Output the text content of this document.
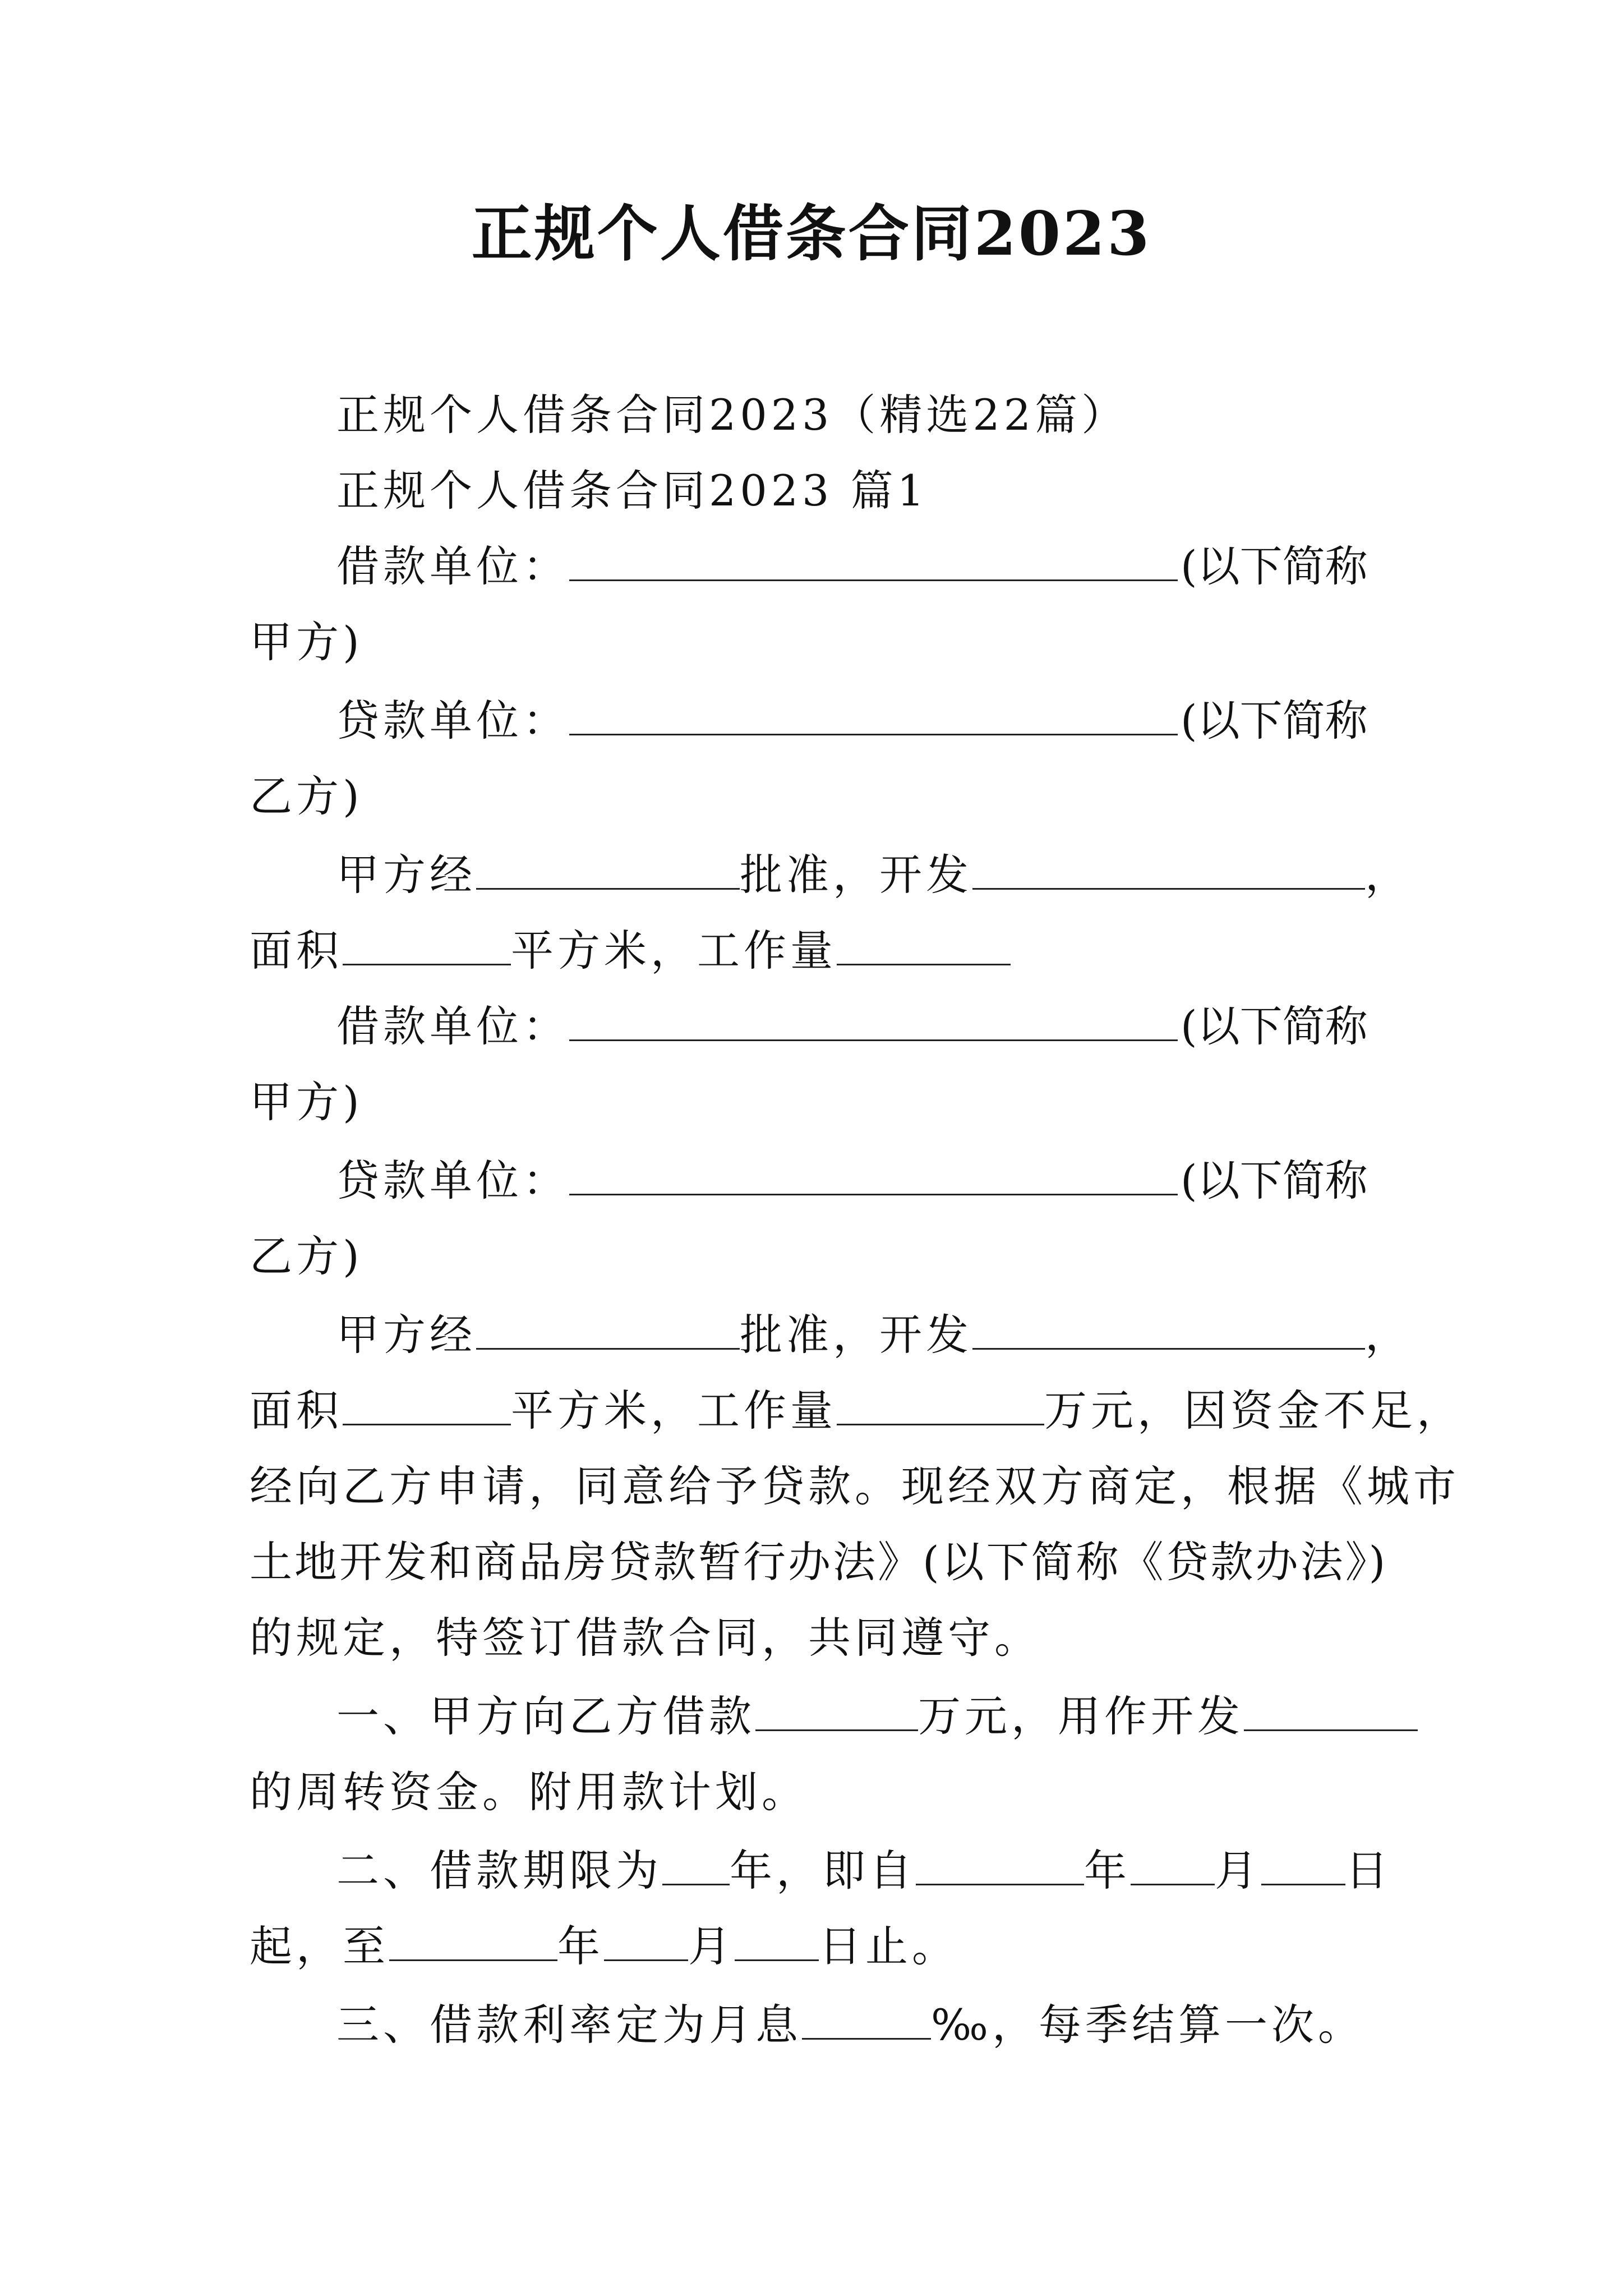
正规个人借条合同2023
正规个人借条合同2023（精选22篇）
正规个人借条合同2023 篇1
借款单位：	(以下简称
甲方)
贷款单位：	(以下简称
乙方)
甲方经	批准，开发	，
面积	平方米，工作量
借款单位：	(以下简称
甲方)
贷款单位：	(以下简称
乙方)
甲方经	批准，开发	，
面积	平方米，工作量	万元，因资金不足，
经向乙方申请，同意给予贷款。现经双方商定，根据《城市
土地开发和商品房贷款暂行办法》(以下简称《贷款办法》)
的规定，特签订借款合同，共同遵守。
一、甲方向乙方借款	万元，用作开发
的周转资金。附用款计划。
二、借款期限为 年，即自	年 月 日
起，至	年 月 日止。
三、借款利率定为月息	‰，每季结算一次。
